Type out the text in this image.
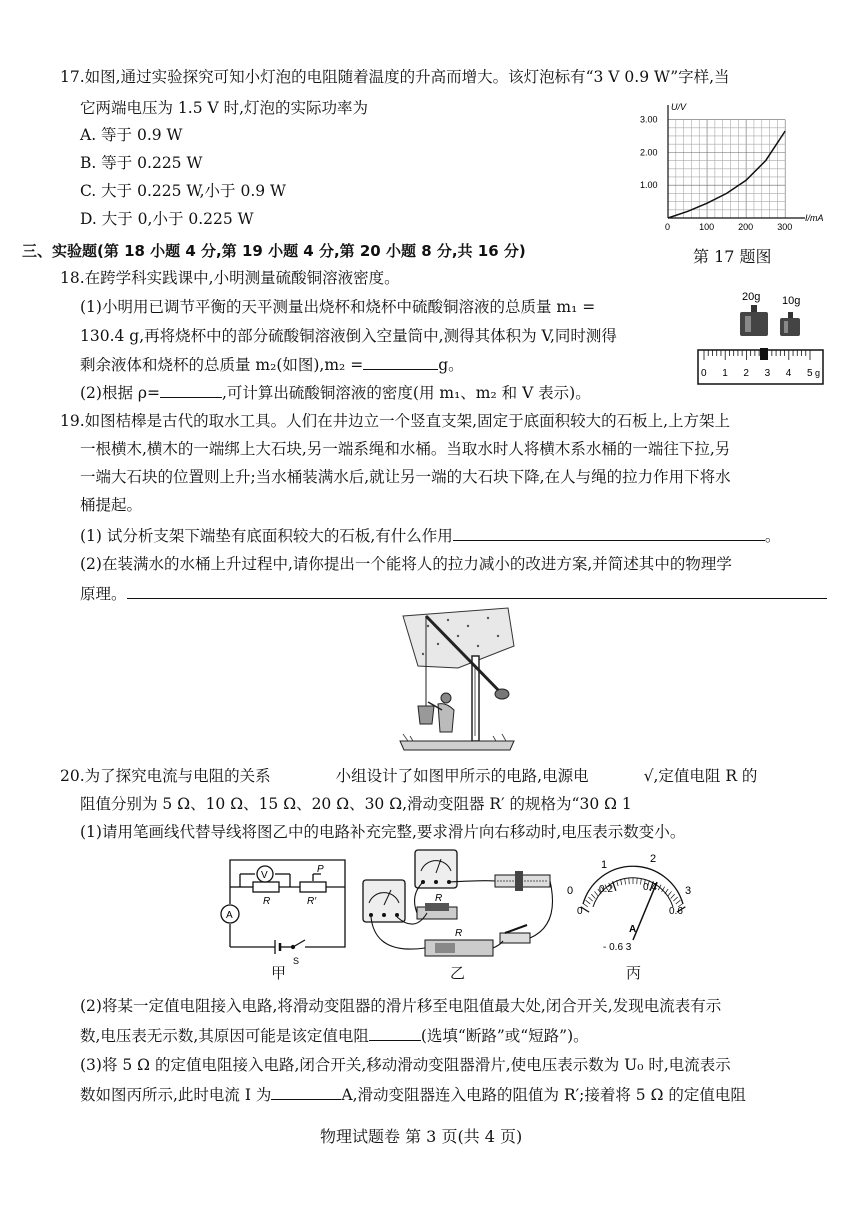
17.如图,通过实验探究可知小灯泡的电阻随着温度的升高而增大。该灯泡标有“3 V 0.9 W”字样,当
它两端电压为 1.5 V 时,灯泡的实际功率为
A. 等于 0.9 W
B. 等于 0.225 W
C. 大于 0.225 W,小于 0.9 W
D. 大于 0,小于 0.225 W
U/V
I/mA
0	100	200	300
1.00
2.00
3.00
第 17 题图
三、实验题(第 18 小题 4 分,第 19 小题 4 分,第 20 小题 8 分,共 16 分)
18.在跨学科实践课中,小明测量硫酸铜溶液密度。
(1)小明用已调节平衡的天平测量出烧杯和烧杯中硫酸铜溶液的总质量 m₁ =
130.4 g,再将烧杯中的部分硫酸铜溶液倒入空量筒中,测得其体积为 V,同时测得
剩余液体和烧杯的总质量 m₂(如图),m₂ =	g。
(2)根据 ρ=	,可计算出硫酸铜溶液的密度(用 m₁、m₂ 和 V 表示)。
20g 10g
0 1 2 3 4 5 g
19.如图桔槔是古代的取水工具。人们在井边立一个竖直支架,固定于底面积较大的石板上,上方架上
一根横木,横木的一端绑上大石块,另一端系绳和水桶。当取水时人将横木系水桶的一端往下拉,另
一端大石块的位置则上升;当水桶装满水后,就让另一端的大石块下降,在人与绳的拉力作用下将水
桶提起。
(1) 试分析支架下端垫有底面积较大的石板,有什么作用	。
(2)在装满水的水桶上升过程中,请你提出一个能将人的拉力减小的改进方案,并简述其中的物理学
原理。
20.为了探究电流与电阻的关系	小组设计了如图甲所示的电路,电源电	√,定值电阻 R 的
阻值分别为 5 Ω、10 Ω、15 Ω、20 Ω、30 Ω,滑动变阻器 R′ 的规格为“30 Ω 1
(1)请用笔画线代替导线将图乙中的电路补充完整,要求滑片向右移动时,电压表示数变小。
V
A
R	R′
P
S
R
R
0
1	2
3
0
0.2	0.4
0.6
A
- 0.6 3
甲	乙	丙
(2)将某一定值电阻接入电路,将滑动变阻器的滑片移至电阻值最大处,闭合开关,发现电流表有示
数,电压表无示数,其原因可能是该定值电阻	(选填“断路”或“短路”)。
(3)将 5 Ω 的定值电阻接入电路,闭合开关,移动滑动变阻器滑片,使电压表示数为 U₀ 时,电流表示
数如图丙所示,此时电流 I 为	A,滑动变阻器连入电路的阻值为 R′;接着将 5 Ω 的定值电阻
物理试题卷 第 3 页(共 4 页)
